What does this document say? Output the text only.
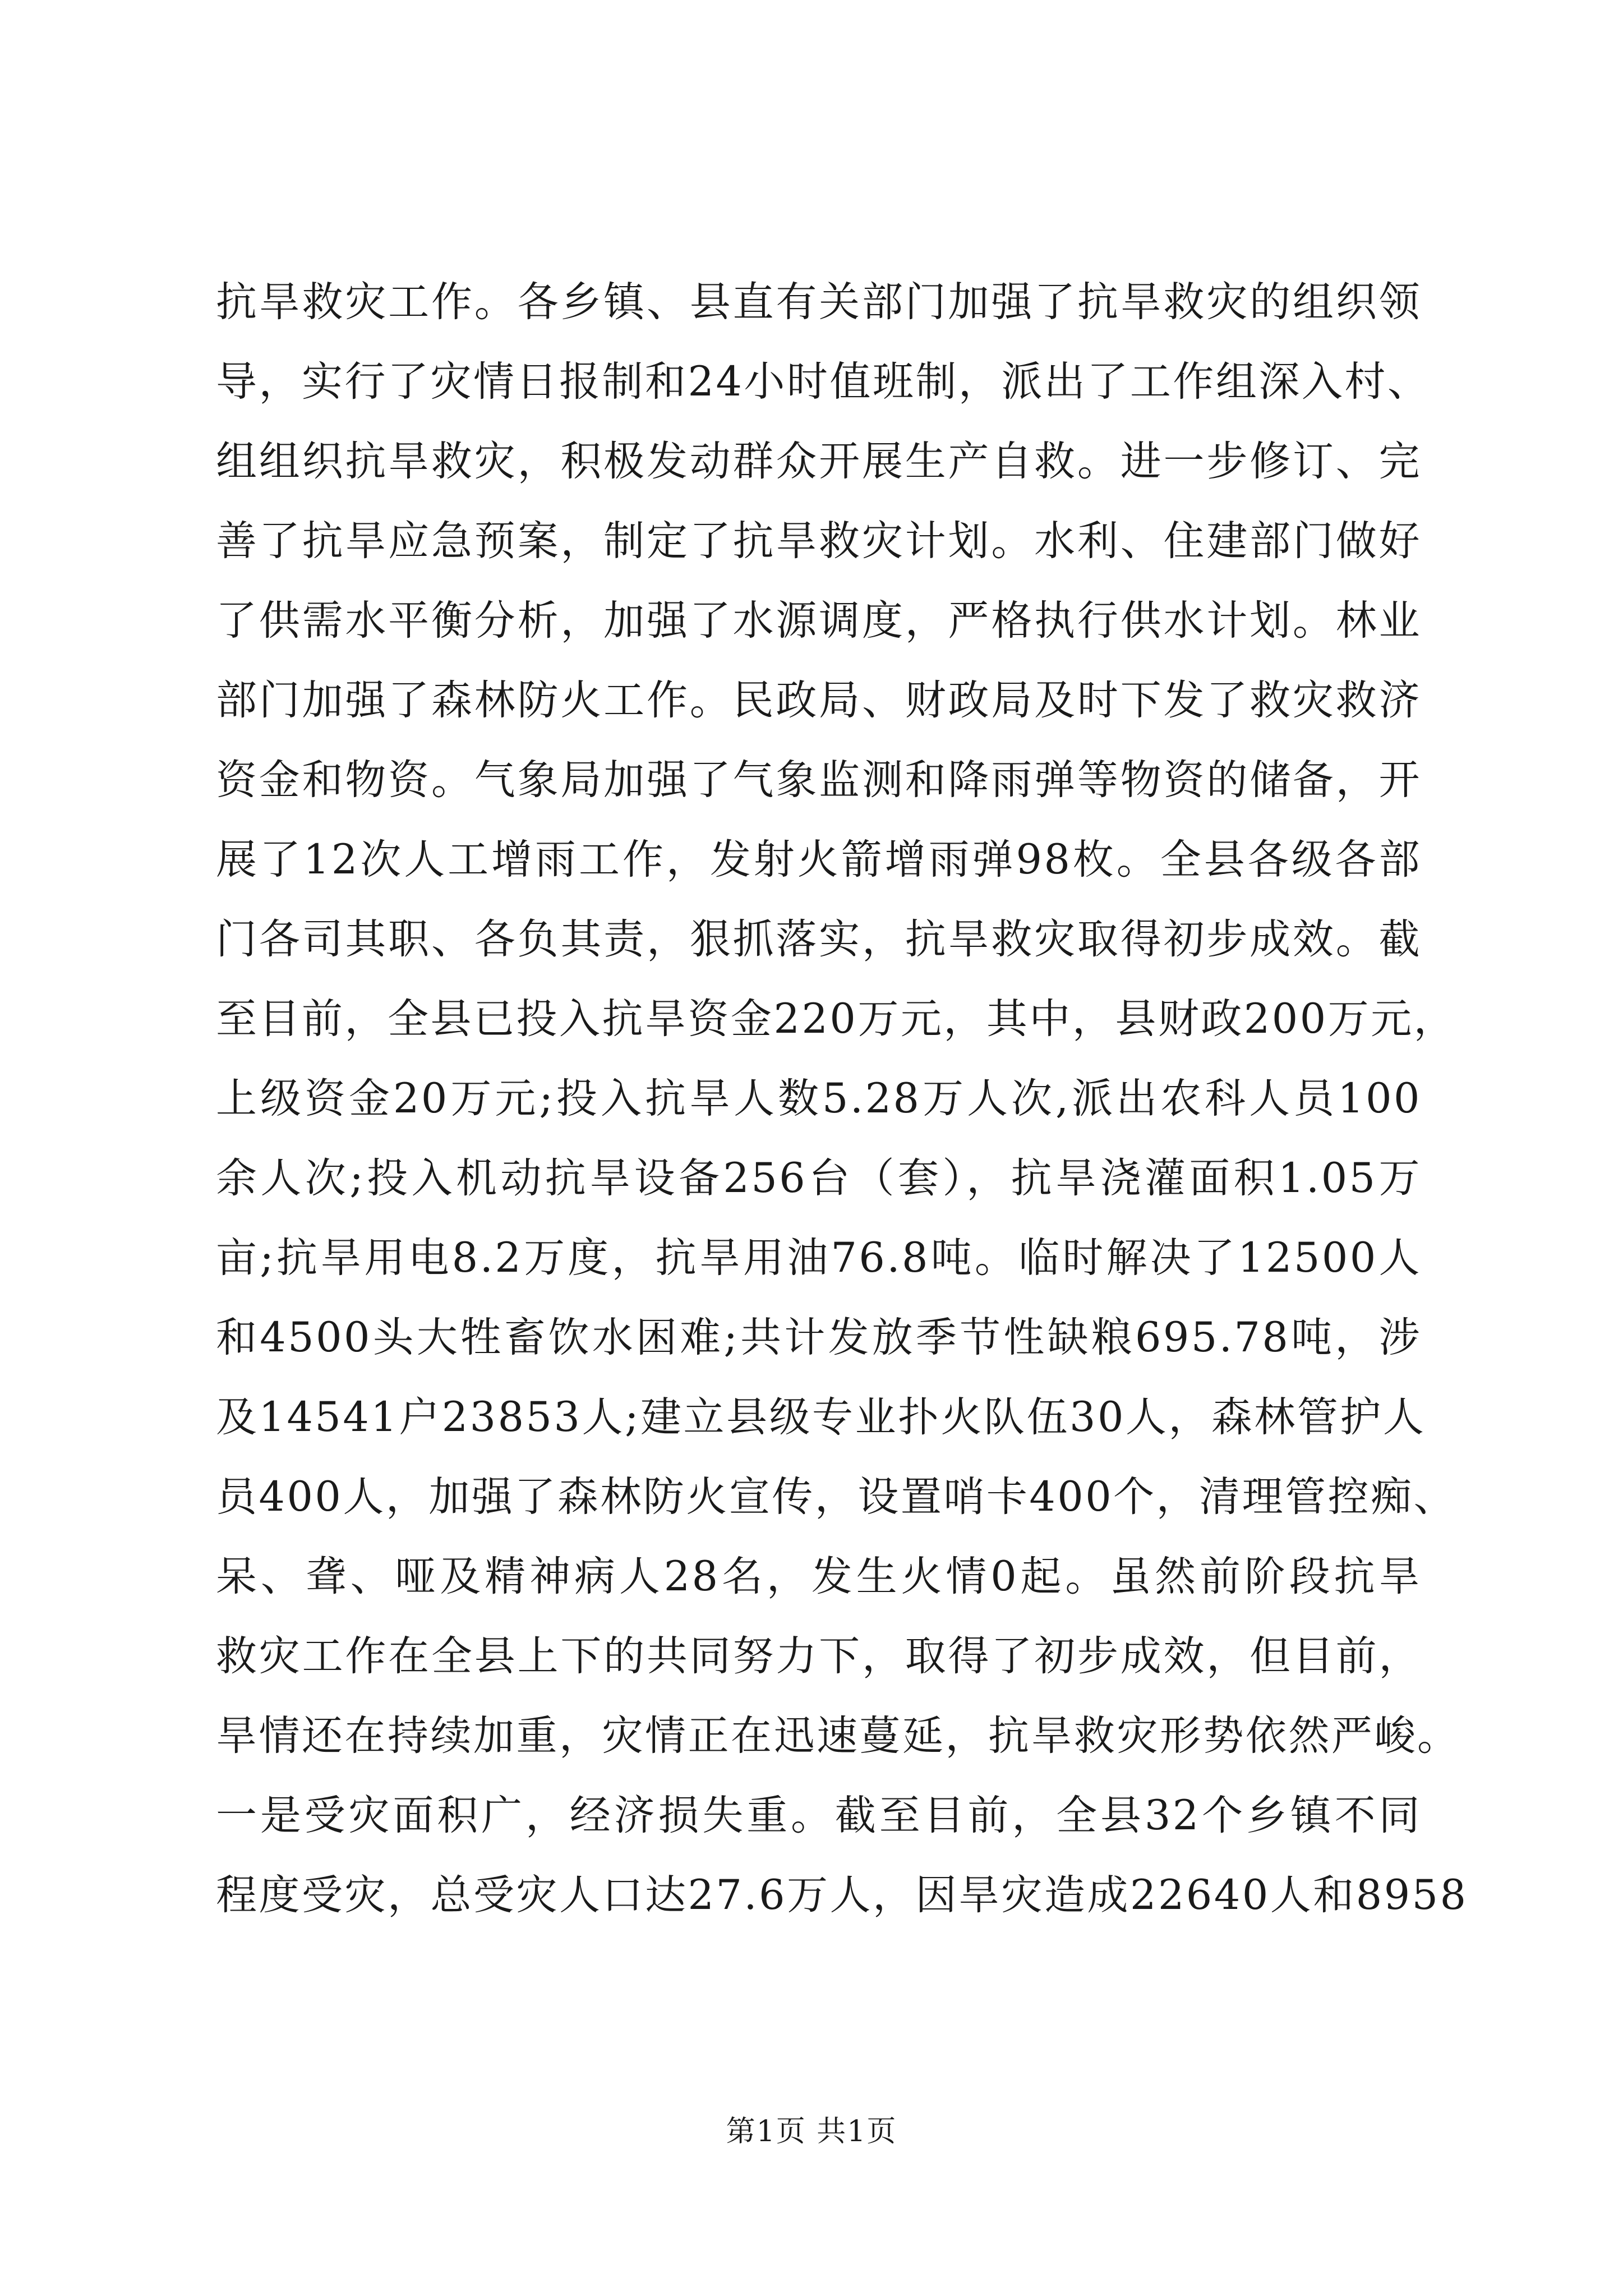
抗旱救灾工作。各乡镇、县直有关部门加强了抗旱救灾的组织领
导，实行了灾情日报制和24小时值班制，派出了工作组深入村、
组组织抗旱救灾，积极发动群众开展生产自救。进一步修订、完
善了抗旱应急预案，制定了抗旱救灾计划。水利、住建部门做好
了供需水平衡分析，加强了水源调度，严格执行供水计划。林业
部门加强了森林防火工作。民政局、财政局及时下发了救灾救济
资金和物资。气象局加强了气象监测和降雨弹等物资的储备，开
展了12次人工增雨工作，发射火箭增雨弹98枚。全县各级各部
门各司其职、各负其责，狠抓落实，抗旱救灾取得初步成效。截
至目前，全县已投入抗旱资金220万元，其中，县财政200万元，
上级资金20万元;投入抗旱人数5.28万人次,派出农科人员100
余人次;投入机动抗旱设备256台（套），抗旱浇灌面积1.05万
亩;抗旱用电8.2万度，抗旱用油76.8吨。临时解决了12500人
和4500头大牲畜饮水困难;共计发放季节性缺粮695.78吨，涉
及14541户23853人;建立县级专业扑火队伍30人，森林管护人
员400人，加强了森林防火宣传，设置哨卡400个，清理管控痴、
呆、聋、哑及精神病人28名，发生火情0起。虽然前阶段抗旱
救灾工作在全县上下的共同努力下，取得了初步成效，但目前，
旱情还在持续加重，灾情正在迅速蔓延，抗旱救灾形势依然严峻。
一是受灾面积广，经济损失重。截至目前，全县32个乡镇不同
程度受灾，总受灾人口达27.6万人，因旱灾造成22640人和8958
第1页 共1页
